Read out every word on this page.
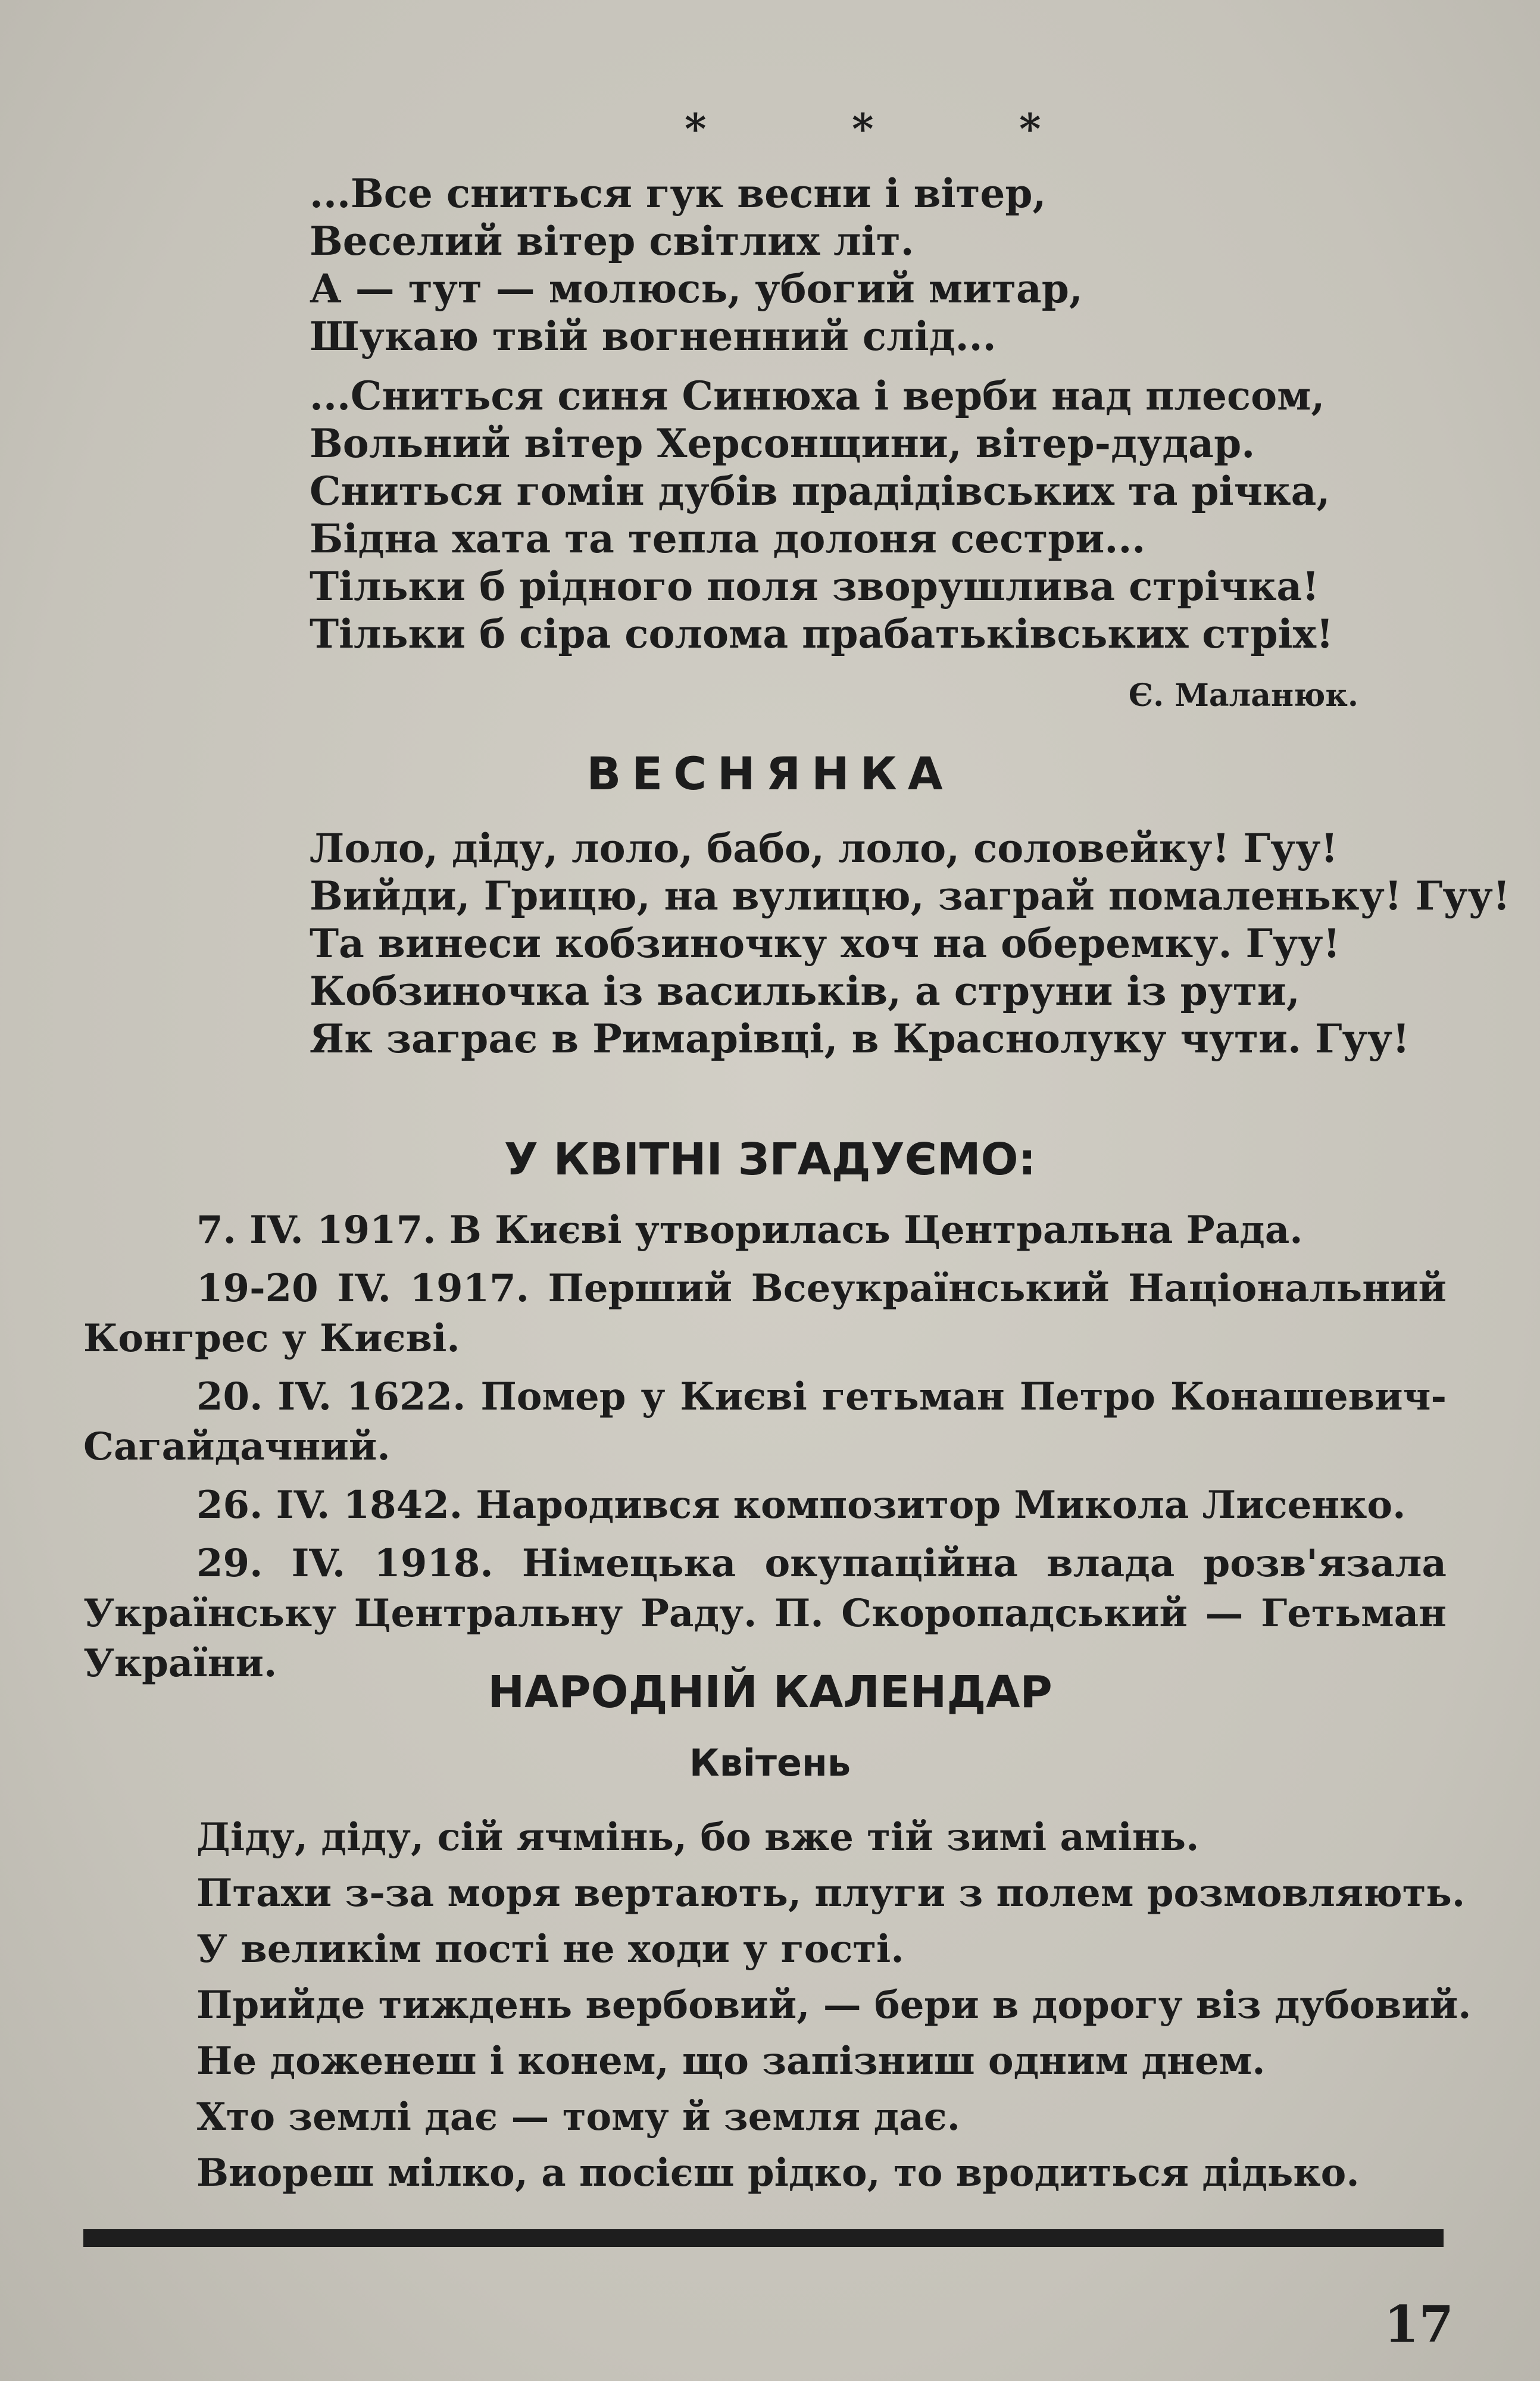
* * *
...Все сниться гук весни і вітер,
Веселий вітер світлих літ.
А — тут — молюсь, убогий митар,
Шукаю твій вогненний слід...
...Сниться синя Синюха і верби над плесом,
Вольний вітер Херсонщини, вітер-дудар.
Сниться гомін дубів прадідівських та річка,
Бідна хата та тепла долоня сестри...
Тільки б рідного поля зворушлива стрічка!
Тільки б сіра солома прабатьківських стріх!
Є. Маланюк.
ВЕСНЯНКА
Лоло, діду, лоло, бабо, лоло, соловейку! Гуу!
Вийди, Грицю, на вулицю, заграй помаленьку! Гуу!
Та винеси кобзиночку хоч на оберемку. Гуу!
Кобзиночка із васильків, а струни із рути,
Як заграє в Римарівці, в Краснолуку чути. Гуу!
У КВІТНІ ЗГАДУЄМО:
7. IV. 1917. В Києві утворилась Центральна Рада.
19-20 IV. 1917. Перший Всеукраїнський Національний Конгрес у Києві.
20. IV. 1622. Помер у Києві гетьман Петро Конашевич-Сагайдачний.
26. IV. 1842. Народився композитор Микола Лисенко.
29. IV. 1918. Німецька окупаційна влада розв'язала Українську Центральну Раду. П. Скоропадський — Гетьман України.
НАРОДНІЙ КАЛЕНДАР
Квітень
Діду, діду, сій ячмінь, бо вже тій зимі амінь.
Птахи з-за моря вертають, плуги з полем розмовляють.
У великім пості не ходи у гості.
Прийде тиждень вербовий, — бери в дорогу віз дубовий.
Не доженеш і конем, що запізниш одним днем.
Хто землі дає — тому й земля дає.
Виореш мілко, а посієш рідко, то вродиться дідько.
17
